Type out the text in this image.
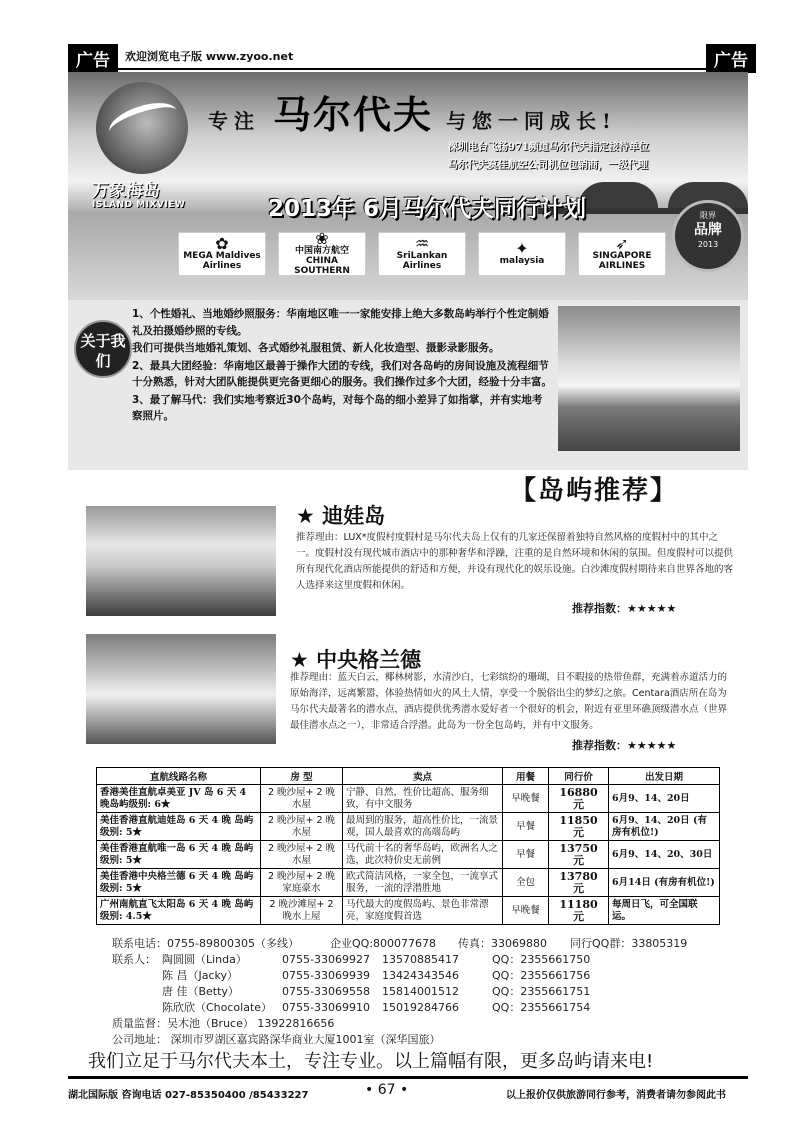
广告	欢迎浏览电子版 www.zyoo.net	广告
万象海岛
ISLAND MIXVIEW
专注 马尔代夫 与您一同成长!
深圳电台飞扬971频道马尔代夫指定接待单位
马尔代夫莫佳航空公司机位包销商，一级代理
2013年 6月马尔代夫同行计划
✿
MEGA Maldives Airlines
❀
中国南方航空 CHINA SOUTHERN
♒
SriLankan Airlines
✦
malaysia
➶
SINGAPORE AIRLINES
限界
品牌
2013
关于我们

1、个性婚礼、当地婚纱照服务：华南地区唯一一家能安排上绝大多数岛屿举行个性定制婚礼及拍摄婚纱照的专线。

我们可提供当地婚礼策划、各式婚纱礼服租赁、新人化妆造型、摄影录影服务。

2、最具大团经验：华南地区最善于操作大团的专线，我们对各岛屿的房间设施及流程细节十分熟悉，针对大团队能提供更完备更细心的服务。我们操作过多个大团，经验十分丰富。

3、最了解马代：我们实地考察近30个岛屿，对每个岛的细小差异了如指掌，并有实地考察照片。

【岛屿推荐】
★ 迪娃岛
推荐理由：LUX*度假村度假村是马尔代夫岛上仅有的几家还保留着独特自然风格的度假村中的其中之一。度假村没有现代城市酒店中的那种奢华和浮躁，注重的是自然环境和休闲的氛围。但度假村可以提供所有现代化酒店所能提供的舒适和方便，并设有现代化的娱乐设施。白沙滩度假村期待来自世界各地的客人选择来这里度假和休闲。
推荐指数：★★★★★
★ 中央格兰德
推荐理由：蓝天白云，椰林树影，水清沙白，七彩缤纷的珊瑚，目不暇接的热带鱼群，充满着赤道活力的原始海洋，远离繁嚣，体验热情如火的风土人情，享受一个脱俗出尘的梦幻之旅。Centara酒店所在岛为马尔代夫最著名的潜水点，酒店提供优秀潜水爱好者一个很好的机会，附近有亚里环礁顶级潜水点（世界最佳潜水点之一），非常适合浮潜。此岛为一份全包岛屿，并有中文服务。
推荐指数：★★★★★
直航线路名称	房 型	卖点	用餐	同行价	出发日期
香港美佳直航卓美亚 JV 岛 6 天 4 晚岛屿级别: 6★	2 晚沙屋+ 2 晚水屋	宁静、自然，性价比超高、服务细致，有中文服务	早晚餐	16880 元	6月9、14、20日
美佳香港直航迪娃岛 6 天 4 晚 岛屿级别: 5★	2 晚沙屋+ 2 晚水屋	最周到的服务，超高性价比，一流景观，国人最喜欢的高端岛屿	早餐	11850 元	6月9、14、20日 (有房有机位!)
美佳香港直航唯一岛 6 天 4 晚 岛屿级别: 5★	2 晚沙屋+ 2 晚水屋	马代前十名的奢华岛屿，欧洲名人之选，此次特价史无前例	早餐	13750 元	6月9、14、20、30日
美佳香港中央格兰德 6 天 4 晚 岛屿级别: 5★	2 晚沙屋+ 2 晚家庭豪水	欧式简洁风格，一家全包，一流享式服务，一流的浮潜胜地	全包	13780 元	6月14日 (有房有机位!)
广州南航直飞太阳岛 6 天 4 晚 岛屿级别: 4.5★	2 晚沙滩屋+ 2 晚水上屋	马代最大的度假岛屿、景色非常漂亮，家庭度假首选	早晚餐	11180 元	每周日飞，可全国联运。
联系电话：0755-89800305（多线）	企业QQ:800077678	传真：33069880	同行QQ群：33805319
联系人： 陶圆圆（Linda）	0755-33069927	13570885417	QQ：2355661750
陈 昌（Jacky）	0755-33069939	13424343546	QQ：2355661756
唐 佳（Betty）	0755-33069558	15814001512	QQ：2355661751
陈欣欣（Chocolate） 0755-33069910	15019284766	QQ：2355661754
质量监督：吴木池（Bruce） 13922816656
公司地址： 深圳市罗湖区嘉宾路深华商业大厦1001室（深华国旅）
我们立足于马尔代夫本土，专注专业。以上篇幅有限，更多岛屿请来电!
湖北国际版 咨询电话 027-85350400 /85433227	• 67 •	以上报价仅供旅游同行参考，消费者请勿参阅此书
